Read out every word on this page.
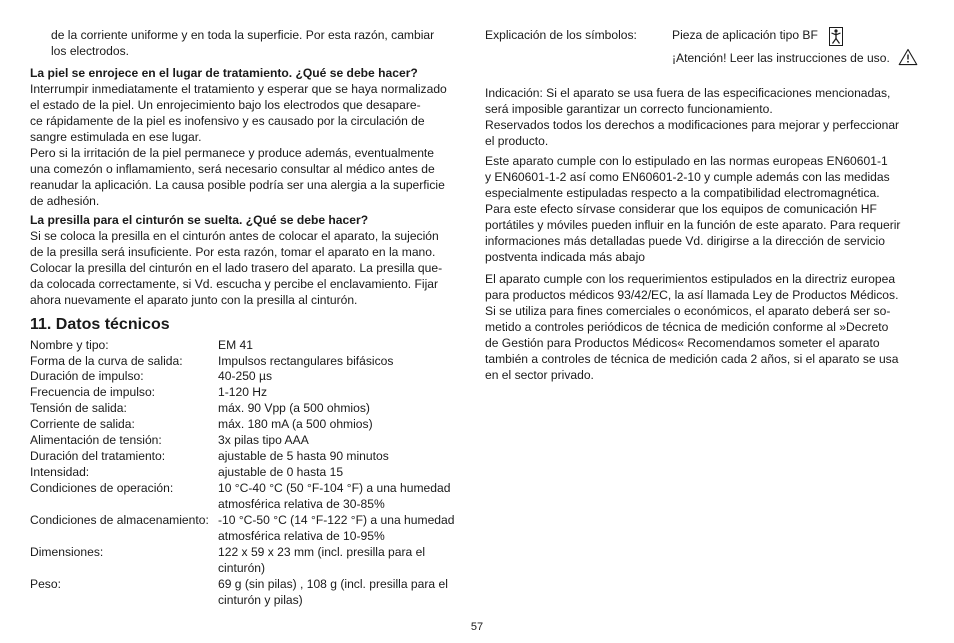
de la corriente uniforme y en toda la superficie. Por esta razón, cambiar
los electrodos.
La piel se enrojece en el lugar de tratamiento. ¿Qué se debe hacer?
Interrumpir inmediatamente el tratamiento y esperar que se haya normalizado
el estado de la piel. Un enrojecimiento bajo los electrodos que desapare-
ce rápidamente de la piel es inofensivo y es causado por la circulación de
sangre estimulada en ese lugar.
Pero si la irritación de la piel permanece y produce además, eventualmente
una comezón o inflamamiento, será necesario consultar al médico antes de
reanudar la aplicación. La causa posible podría ser una alergia a la superficie
de adhesión.
La presilla para el cinturón se suelta. ¿Qué se debe hacer?
Si se coloca la presilla en el cinturón antes de colocar el aparato, la sujeción
de la presilla será insuficiente. Por esta razón, tomar el aparato en la mano.
Colocar la presilla del cinturón en el lado trasero del aparato. La presilla que-
da colocada correctamente, si Vd. escucha y percibe el enclavamiento. Fijar
ahora nuevamente el aparato junto con la presilla al cinturón.
11. Datos técnicos
Nombre y tipo:	EM 41
Forma de la curva de salida:	Impulsos rectangulares bifásicos
Duración de impulso:	40-250 µs
Frecuencia de impulso:	1-120 Hz
Tensión de salida:	máx. 90 Vpp (a 500 ohmios)
Corriente de salida:	máx. 180 mA (a 500 ohmios)
Alimentación de tensión:	3x pilas tipo AAA
Duración del tratamiento:	ajustable de 5 hasta 90 minutos
Intensidad:	ajustable de 0 hasta 15
Condiciones de operación:	10 °C-40 °C (50 °F-104 °F) a una humedad
atmosférica relativa de 30-85%
Condiciones de almacenamiento: -10 °C-50 °C (14 °F-122 °F) a una humedad
atmosférica relativa de 10-95%
Dimensiones:	122 x 59 x 23 mm (incl. presilla para el
cinturón)
Peso:	69 g (sin pilas) , 108 g (incl. presilla para el
cinturón y pilas)
Explicación de los símbolos:	Pieza de aplicación tipo BF
¡Atención! Leer las instrucciones de uso.
Indicación: Si el aparato se usa fuera de las especificaciones mencionadas,
será imposible garantizar un correcto funcionamiento.
Reservados todos los derechos a modificaciones para mejorar y perfeccionar
el producto.
Este aparato cumple con lo estipulado en las normas europeas EN60601-1
y EN60601-1-2 así como EN60601-2-10 y cumple además con las medidas
especialmente estipuladas respecto a la compatibilidad electromagnética.
Para este efecto sírvase considerar que los equipos de comunicación HF
portátiles y móviles pueden influir en la función de este aparato. Para requerir
informaciones más detalladas puede Vd. dirigirse a la dirección de servicio
postventa indicada más abajo
El aparato cumple con los requerimientos estipulados en la directriz europea
para productos médicos 93/42/EC, la así llamada Ley de Productos Médicos.
Si se utiliza para fines comerciales o económicos, el aparato deberá ser so-
metido a controles periódicos de técnica de medición conforme al »Decreto
de Gestión para Productos Médicos« Recomendamos someter el aparato
también a controles de técnica de medición cada 2 años, si el aparato se usa
en el sector privado.
57
